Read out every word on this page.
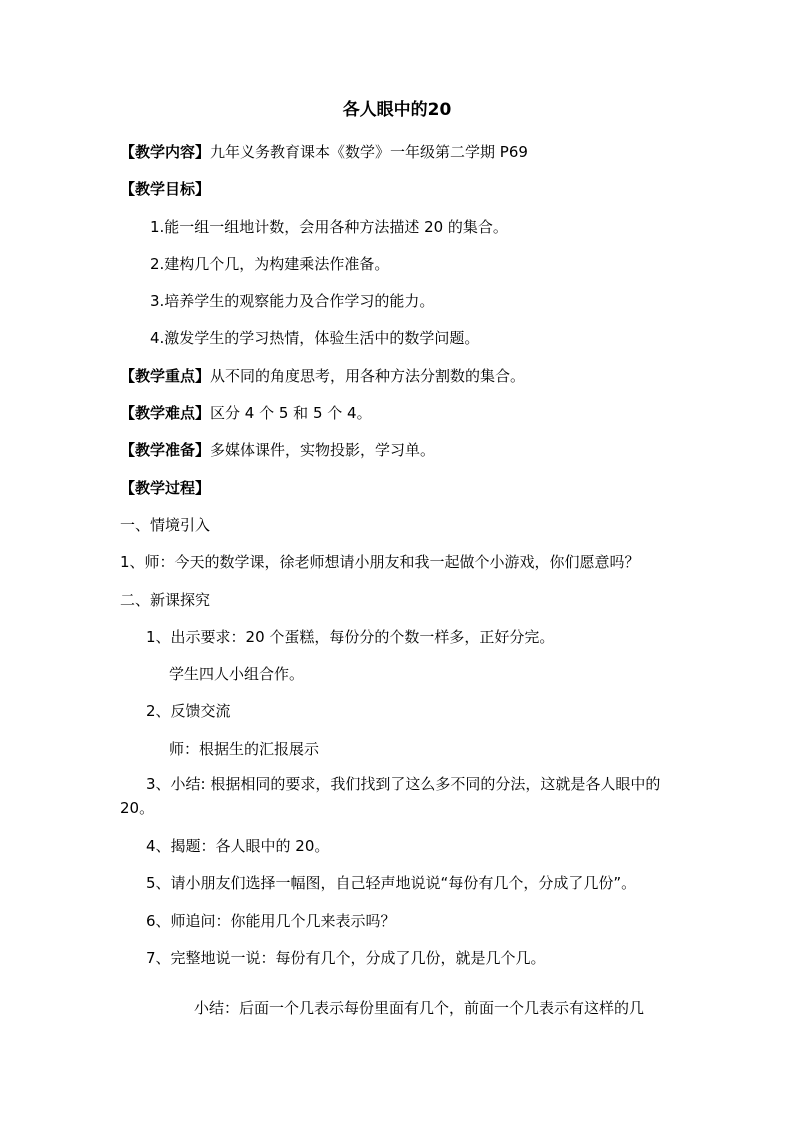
各人眼中的20
【教学内容】九年义务教育课本《数学》一年级第二学期 P69
【教学目标】
1.能一组一组地计数，会用各种方法描述 20 的集合。
2.建构几个几，为构建乘法作准备。
3.培养学生的观察能力及合作学习的能力。
4.激发学生的学习热情，体验生活中的数学问题。
【教学重点】从不同的角度思考，用各种方法分割数的集合。
【教学难点】区分 4 个 5 和 5 个 4。
【教学准备】多媒体课件，实物投影，学习单。
【教学过程】
一、情境引入
1、师：今天的数学课，徐老师想请小朋友和我一起做个小游戏，你们愿意吗？
二、新课探究
1、出示要求：20 个蛋糕，每份分的个数一样多，正好分完。
学生四人小组合作。
2、反馈交流
师：根据生的汇报展示
3、小结: 根据相同的要求，我们找到了这么多不同的分法，这就是各人眼中的 20。
4、揭题：各人眼中的 20。
5、请小朋友们选择一幅图，自己轻声地说说“每份有几个，分成了几份”。
6、师追问：你能用几个几来表示吗？
7、完整地说一说：每份有几个，分成了几份，就是几个几。
小结：后面一个几表示每份里面有几个，前面一个几表示有这样的几
